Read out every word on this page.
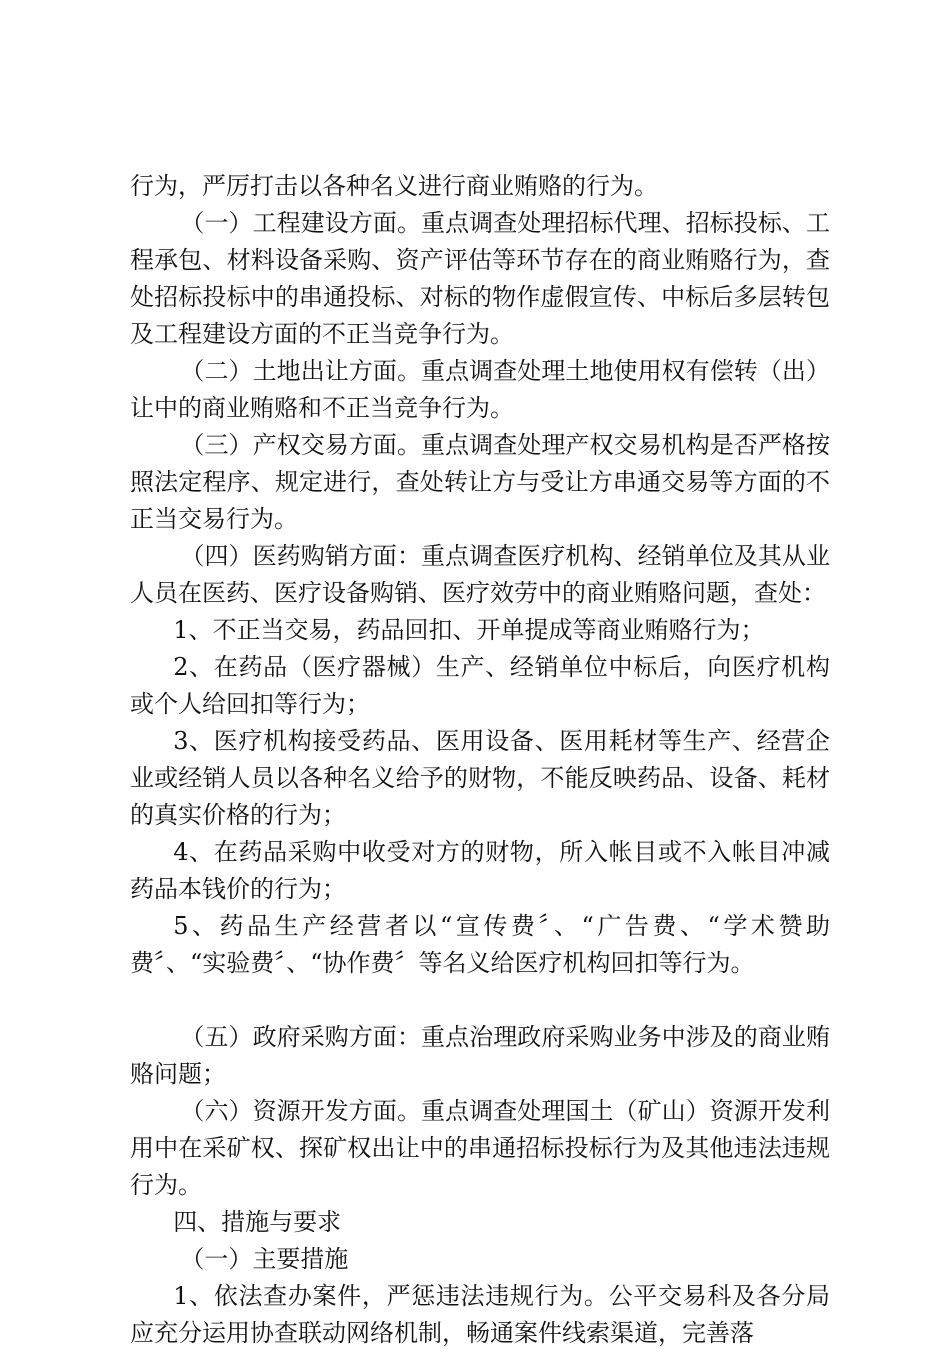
行为，严厉打击以各种名义进行商业贿赂的行为。

（一）工程建设方面。重点调查处理招标代理、招标投标、工程承包、材料设备采购、资产评估等环节存在的商业贿赂行为，查处招标投标中的串通投标、对标的物作虚假宣传、中标后多层转包及工程建设方面的不正当竞争行为。

（二）土地出让方面。重点调查处理土地使用权有偿转（出）让中的商业贿赂和不正当竞争行为。

（三）产权交易方面。重点调查处理产权交易机构是否严格按照法定程序、规定进行，查处转让方与受让方串通交易等方面的不正当交易行为。

（四）医药购销方面：重点调查医疗机构、经销单位及其从业人员在医药、医疗设备购销、医疗效劳中的商业贿赂问题，查处：

1、不正当交易，药品回扣、开单提成等商业贿赂行为；

2、在药品（医疗器械）生产、经销单位中标后，向医疗机构或个人给回扣等行为；

3、医疗机构接受药品、医用设备、医用耗材等生产、经营企业或经销人员以各种名义给予的财物，不能反映药品、设备、耗材的真实价格的行为；

4、在药品采购中收受对方的财物，所入帐目或不入帐目冲减药品本钱价的行为；

5、药品生产经营者以“宣传费〞、“广告费、“学术赞助费〞、“实验费〞、“协作费〞等名义给医疗机构回扣等行为。

（五）政府采购方面：重点治理政府采购业务中涉及的商业贿赂问题；

（六）资源开发方面。重点调查处理国土（矿山）资源开发利用中在采矿权、探矿权出让中的串通招标投标行为及其他违法违规行为。

四、措施与要求

（一）主要措施

1、依法查办案件，严惩违法违规行为。公平交易科及各分局应充分运用协查联动网络机制，畅通案件线索渠道，完善落
